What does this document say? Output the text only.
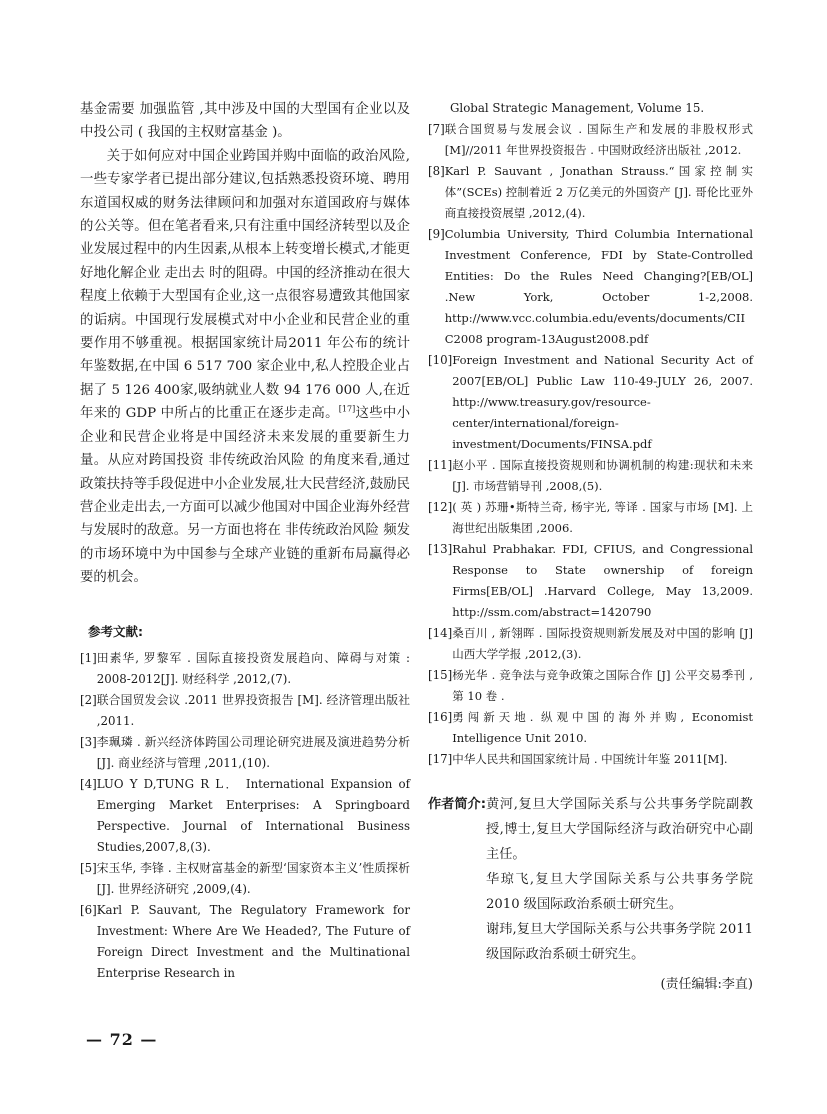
基金需要 加强监管 ,其中涉及中国的大型国有企业以及中投公司 ( 我国的主权财富基金 )。

关于如何应对中国企业跨国并购中面临的政治风险,一些专家学者已提出部分建议,包括熟悉投资环境、聘用东道国权威的财务法律顾问和加强对东道国政府与媒体的公关等。但在笔者看来,只有注重中国经济转型以及企业发展过程中的内生因素,从根本上转变增长模式,才能更好地化解企业 走出去 时的阻碍。中国的经济推动在很大程度上依赖于大型国有企业,这一点很容易遭致其他国家的诟病。中国现行发展模式对中小企业和民营企业的重要作用不够重视。根据国家统计局2011 年公布的统计年鉴数据,在中国 6 517 700 家企业中,私人控股企业占据了 5 126 400家,吸纳就业人数 94 176 000 人,在近年来的 GDP 中所占的比重正在逐步走高。[17]这些中小企业和民营企业将是中国经济未来发展的重要新生力量。从应对跨国投资 非传统政治风险 的角度来看,通过政策扶持等手段促进中小企业发展,壮大民营经济,鼓励民营企业走出去,一方面可以减少他国对中国企业海外经营与发展时的敌意。另一方面也将在 非传统政治风险 频发的市场环境中为中国参与全球产业链的重新布局赢得必要的机会。

参考文献:
[1] 田素华, 罗黎军 . 国际直接投资发展趋向、障碍与对策 : 2008-2012[J]. 财经科学 ,2012,(7).
[2] 联合国贸发会议 .2011 世界投资报告 [M]. 经济管理出版社 ,2011.
[3] 李珮璘 . 新兴经济体跨国公司理论研究进展及演进趋势分析 [J]. 商业经济与管理 ,2011,(10).
[4] LUO Y D,TUNG R L． International Expansion of Emerging Market Enterprises: A Springboard Perspective. Journal of International Business Studies,2007,8,(3).
[5] 宋玉华, 李锋 . 主权财富基金的新型‘国家资本主义’性质探析 [J]. 世界经济研究 ,2009,(4).
[6] Karl P. Sauvant, The Regulatory Framework for Investment: Where Are We Headed?, The Future of Foreign Direct Investment and the Multinational Enterprise Research in

Global Strategic Management, Volume 15.

[7] 联合国贸易与发展会议 . 国际生产和发展的非股权形式 [M]//2011 年世界投资报告 . 中国财政经济出版社 ,2012.
[8] Karl P. Sauvant , Jonathan Strauss.“国家控制实体”(SCEs) 控制着近 2 万亿美元的外国资产 [J]. 哥伦比亚外商直接投资展望 ,2012,(4).
[9] Columbia University, Third Columbia International Investment Conference, FDI by State-Controlled Entities: Do the Rules Need Changing?[EB/OL] .New York, October 1-2,2008. http://www.vcc.columbia.edu/events/documents/CIIC2008 program-13August2008.pdf
[10] Foreign Investment and National Security Act of 2007[EB/OL] Public Law 110-49-JULY 26, 2007. http://www.treasury.gov/resource-center/international/foreign-investment/Documents/FINSA.pdf
[11] 赵小平 . 国际直接投资规则和协调机制的构建:现状和未来 [J]. 市场营销导刊 ,2008,(5).
[12] ( 英 ) 苏珊•斯特兰奇, 杨宇光, 等译 . 国家与市场 [M]. 上海世纪出版集团 ,2006.
[13] Rahul Prabhakar. FDI, CFIUS, and Congressional Response to State ownership of foreign Firms[EB/OL] .Harvard College, May 13,2009. http://ssm.com/abstract=1420790
[14] 桑百川 , 新翎晖 . 国际投资规则新发展及对中国的影响 [J] 山西大学学报 ,2012,(3).
[15] 杨光华 . 竞争法与竞争政策之国际合作 [J] 公平交易季刊 , 第 10 卷 .
[16] 勇闯新天地. 纵观中国的海外并购, Economist Intelligence Unit 2010.
[17] 中华人民共和国国家统计局 . 中国统计年鉴 2011[M].
作者简介: 黄河,复旦大学国际关系与公共事务学院副教授,博士,复旦大学国际经济与政治研究中心副主任。

华琼飞,复旦大学国际关系与公共事务学院 2010 级国际政治系硕士研究生。

谢玮,复旦大学国际关系与公共事务学院 2011 级国际政治系硕士研究生。

(责任编辑:李直)
— 72 —
